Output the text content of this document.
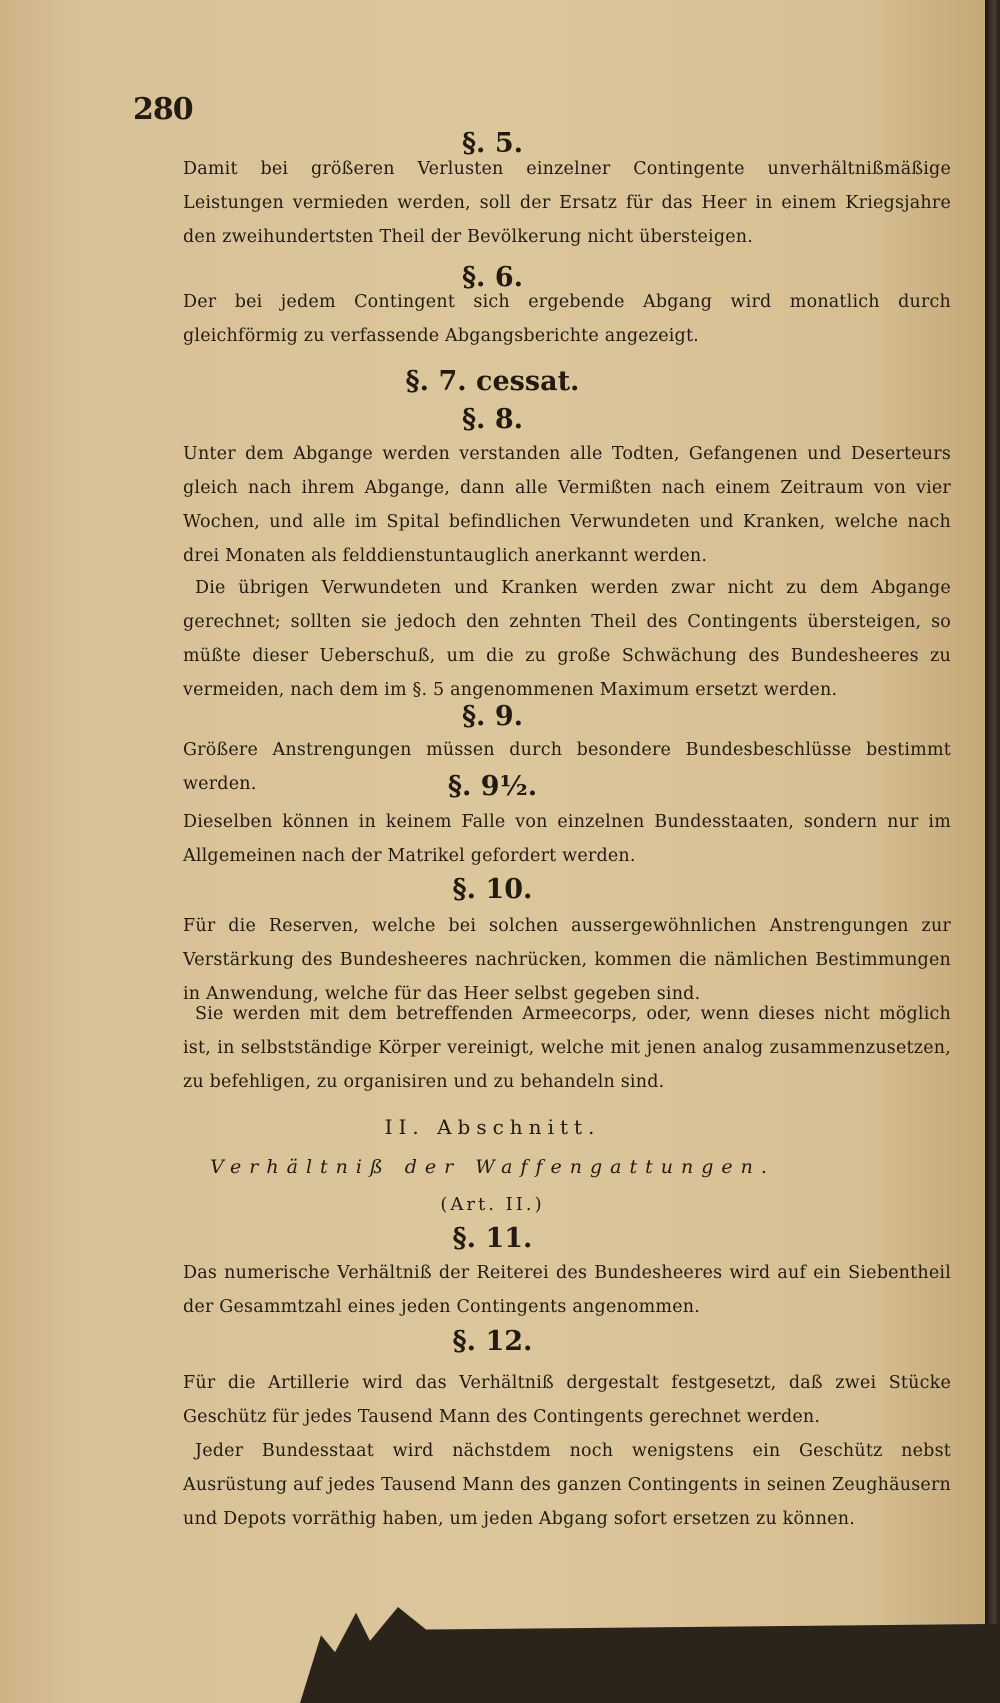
280
§. 5.
Damit bei größeren Verlusten einzelner Contingente unverhältnißmäßige Leistungen vermieden werden, soll der Ersatz für das Heer in einem Kriegsjahre den zweihundertsten Theil der Bevölkerung nicht übersteigen.
§. 6.
Der bei jedem Contingent sich ergebende Abgang wird monatlich durch gleichförmig zu verfassende Abgangsberichte angezeigt.
§. 7. cessat.
§. 8.
Unter dem Abgange werden verstanden alle Todten, Gefangenen und Deserteurs gleich nach ihrem Abgange, dann alle Vermißten nach einem Zeitraum von vier Wochen, und alle im Spital befindlichen Verwundeten und Kranken, welche nach drei Monaten als felddienstuntauglich anerkannt werden.
Die übrigen Verwundeten und Kranken werden zwar nicht zu dem Abgange gerechnet; sollten sie jedoch den zehnten Theil des Contingents übersteigen, so müßte dieser Ueberschuß, um die zu große Schwächung des Bundesheeres zu vermeiden, nach dem im §. 5 angenommenen Maximum ersetzt werden.
§. 9.
Größere Anstrengungen müssen durch besondere Bundesbeschlüsse bestimmt werden.	§. 9½.
Dieselben können in keinem Falle von einzelnen Bundesstaaten, sondern nur im Allgemeinen nach der Matrikel gefordert werden.
§. 10.
Für die Reserven, welche bei solchen aussergewöhnlichen Anstrengungen zur Verstärkung des Bundesheeres nachrücken, kommen die nämlichen Bestimmungen in Anwendung, welche für das Heer selbst gegeben sind.
Sie werden mit dem betreffenden Armeecorps, oder, wenn dieses nicht möglich ist, in selbstständige Körper vereinigt, welche mit jenen analog zusammenzusetzen, zu befehligen, zu organisiren und zu behandeln sind.
II. Abschnitt.
Verhältniß der Waffengattungen.
(Art. II.)
§. 11.
Das numerische Verhältniß der Reiterei des Bundesheeres wird auf ein Siebentheil der Gesammtzahl eines jeden Contingents angenommen.
§. 12.
Für die Artillerie wird das Verhältniß dergestalt festgesetzt, daß zwei Stücke Geschütz für jedes Tausend Mann des Contingents gerechnet werden.
Jeder Bundesstaat wird nächstdem noch wenigstens ein Geschütz nebst Ausrüstung auf jedes Tausend Mann des ganzen Contingents in seinen Zeughäusern und Depots vorräthig haben, um jeden Abgang sofort ersetzen zu können.
